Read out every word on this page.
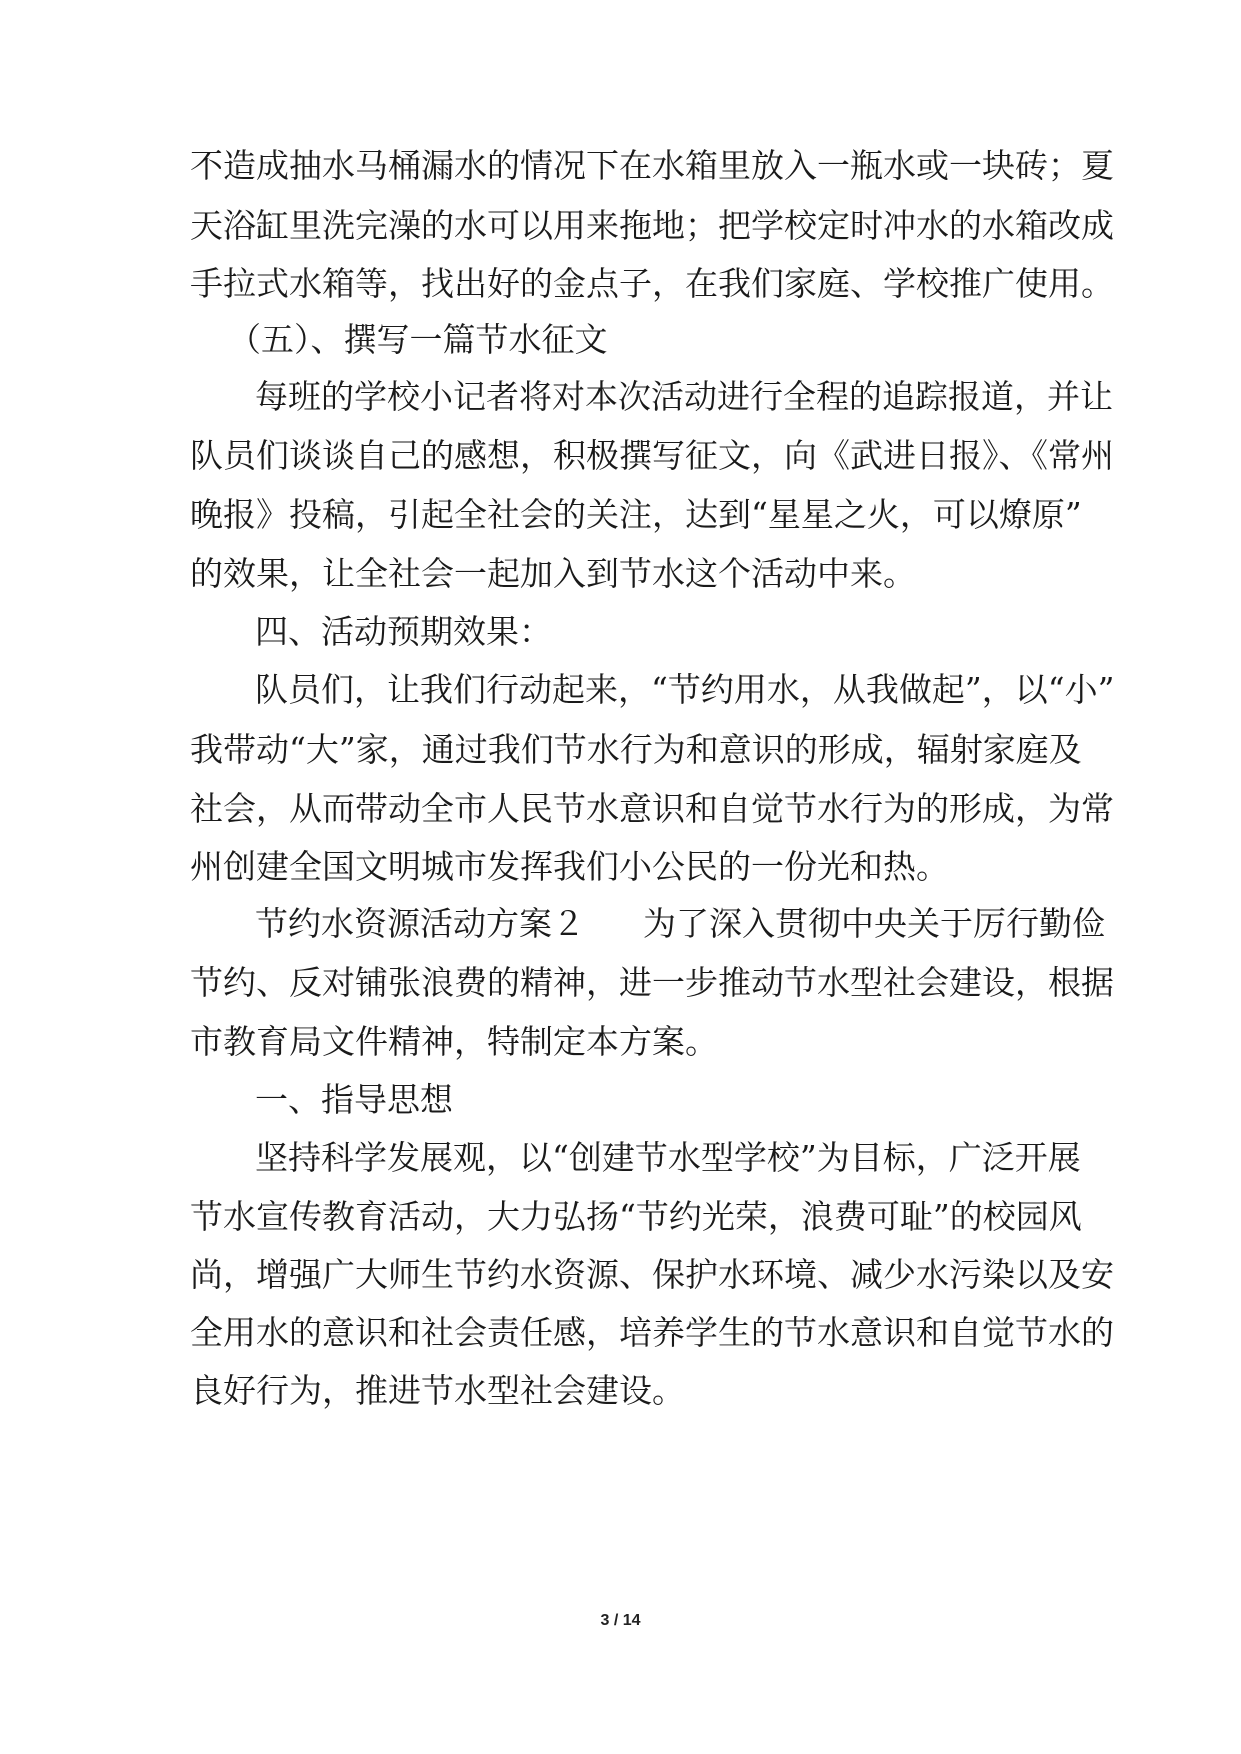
不造成抽水马桶漏水的情况下在水箱里放入一瓶水或一块砖；夏
天浴缸里洗完澡的水可以用来拖地；把学校定时冲水的水箱改成
手拉式水箱等，找出好的金点子，在我们家庭、学校推广使用。
（五）、撰写一篇节水征文
每班的学校小记者将对本次活动进行全程的追踪报道，并让
队员们谈谈自己的感想，积极撰写征文，向《武进日报》、《常州
晚报》投稿，引起全社会的关注，达到“星星之火，可以燎原”
的效果，让全社会一起加入到节水这个活动中来。
四、活动预期效果：
队员们，让我们行动起来，“节约用水，从我做起”，以“小”
我带动“大”家，通过我们节水行为和意识的形成，辐射家庭及
社会，从而带动全市人民节水意识和自觉节水行为的形成，为常
州创建全国文明城市发挥我们小公民的一份光和热。
节约水资源活动方案２ 为了深入贯彻中央关于厉行勤俭
节约、反对铺张浪费的精神，进一步推动节水型社会建设，根据
市教育局文件精神，特制定本方案。
一、指导思想
坚持科学发展观，以“创建节水型学校”为目标，广泛开展
节水宣传教育活动，大力弘扬“节约光荣，浪费可耻”的校园风
尚，增强广大师生节约水资源、保护水环境、减少水污染以及安
全用水的意识和社会责任感，培养学生的节水意识和自觉节水的
良好行为，推进节水型社会建设。
3 / 14
